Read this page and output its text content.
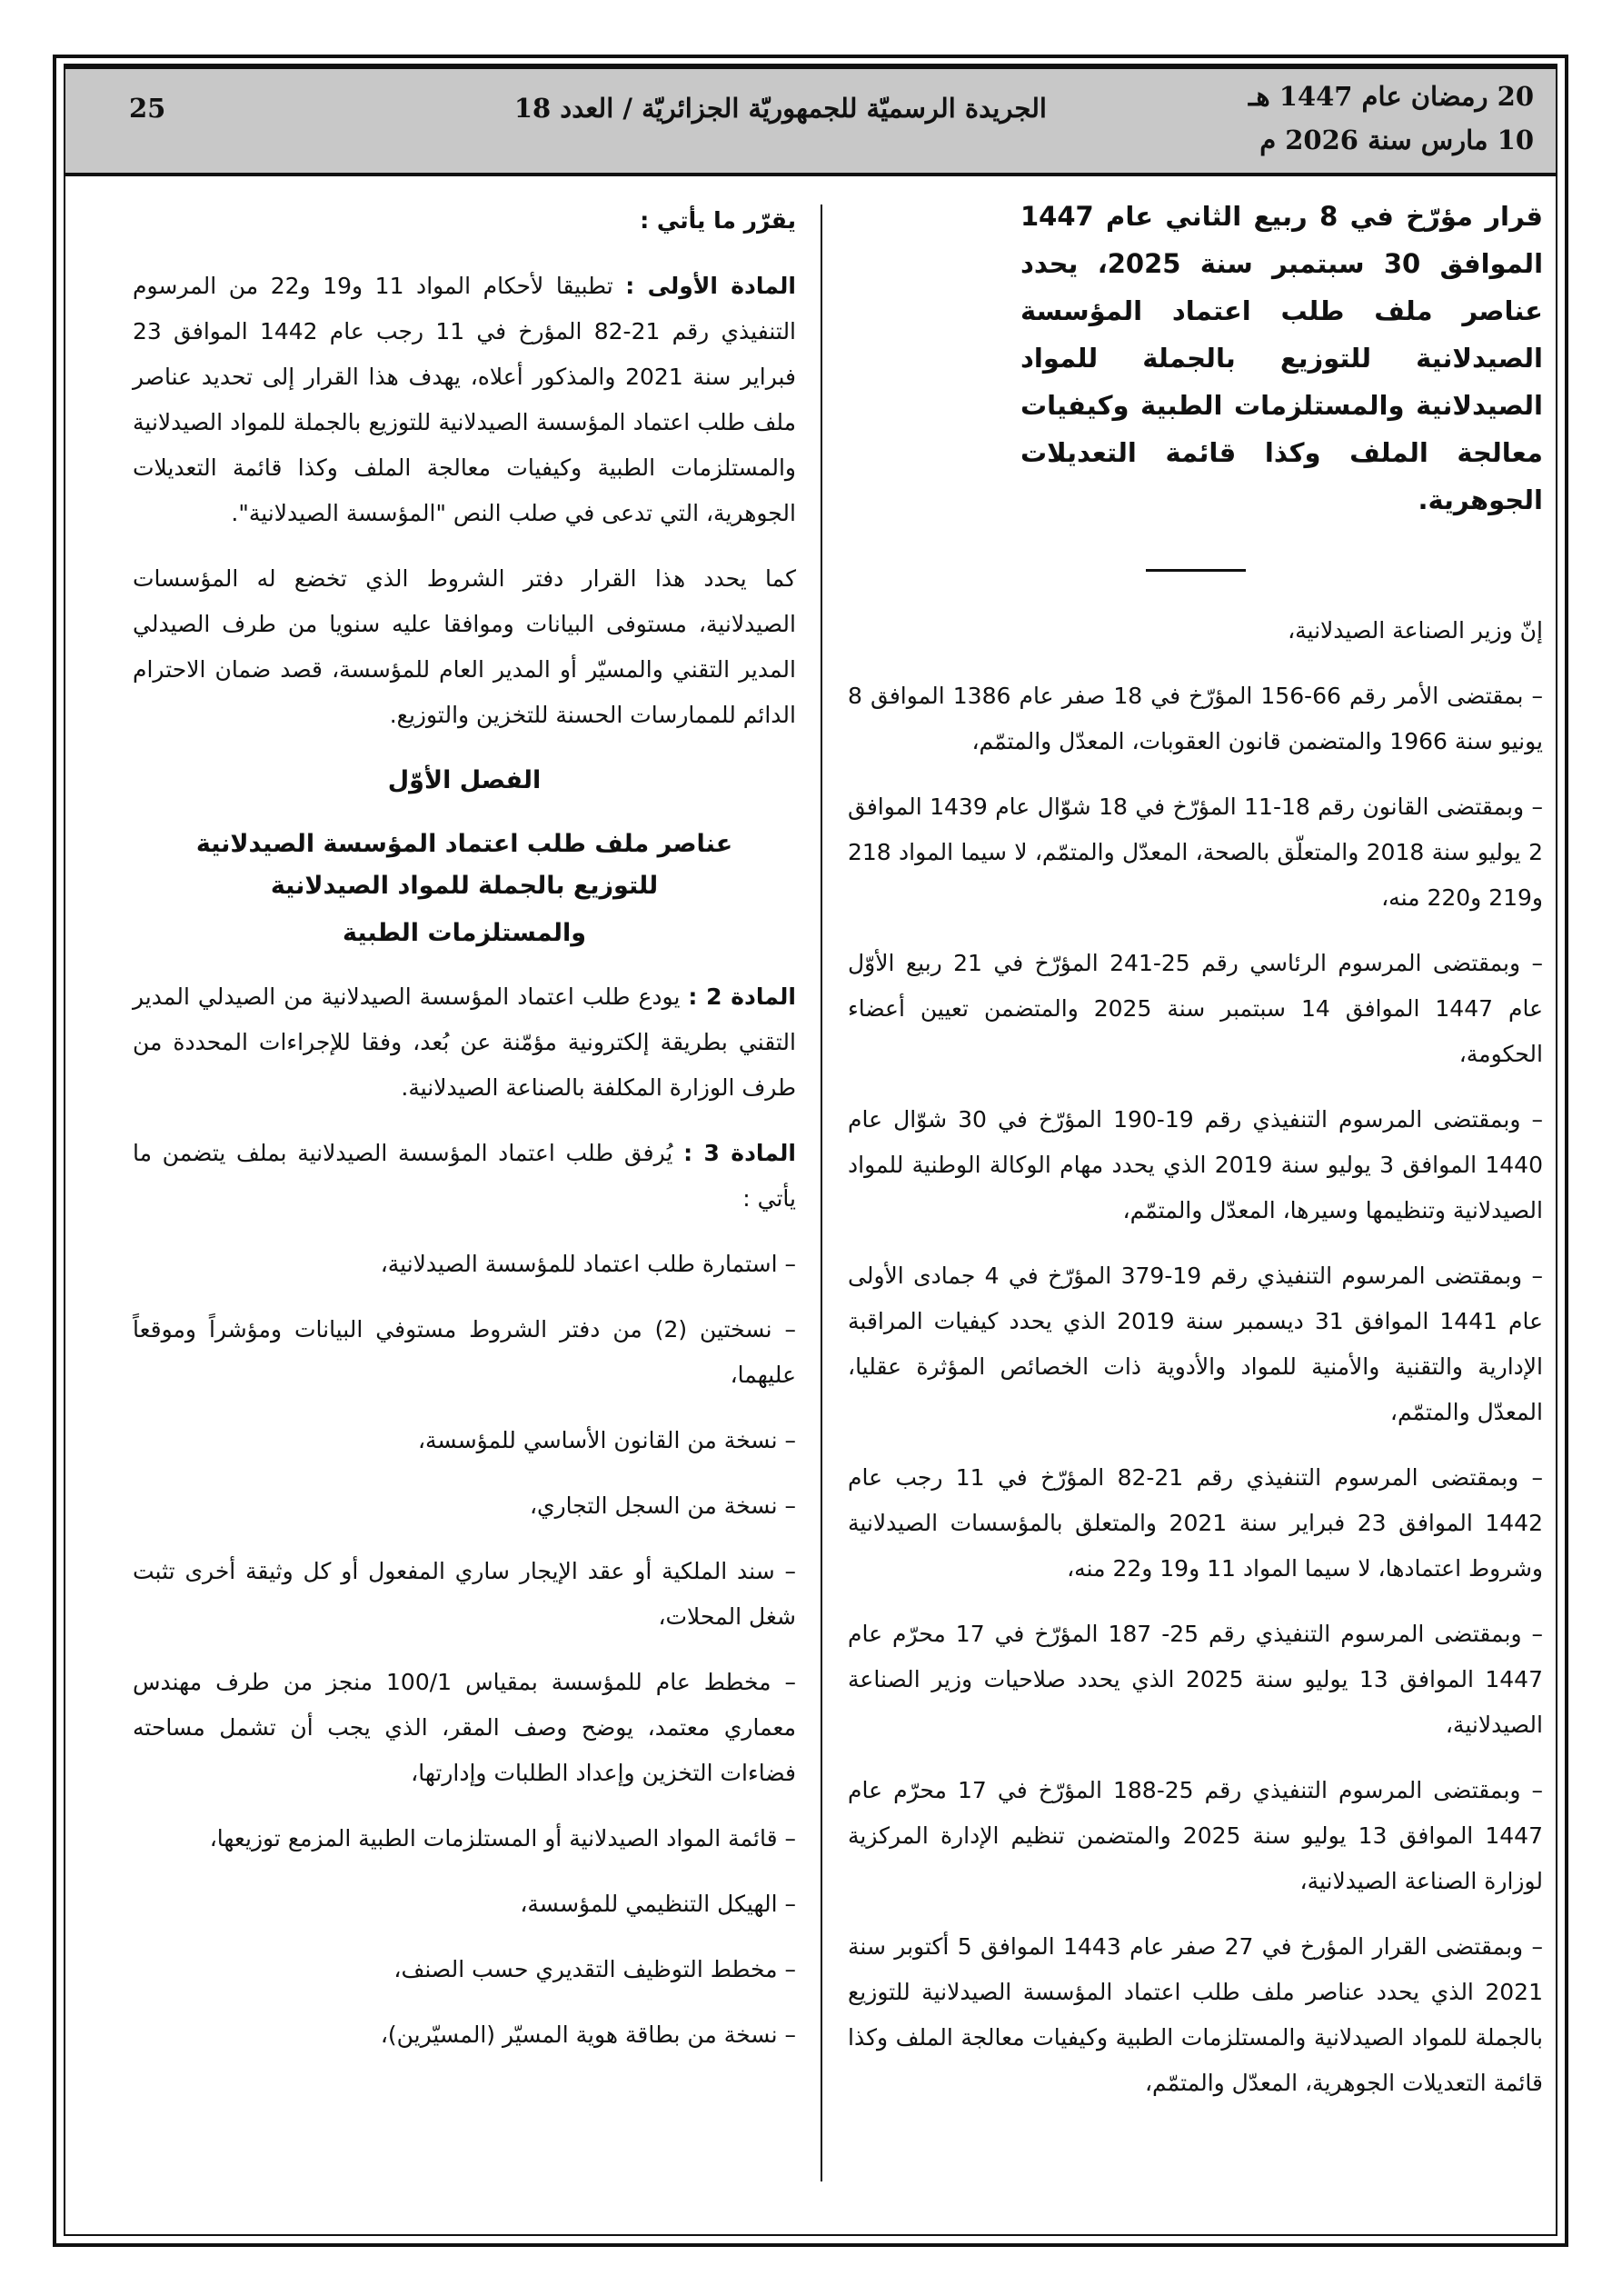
20 رمضان عام 1447 هـ
10 مارس سنة 2026 م
الجريدة الرسميّة للجمهوريّة الجزائريّة / العدد 18
25

قرار مؤرّخ في 8 ربيع الثاني عام 1447 الموافق 30 سبتمبر سنة 2025، يحدد عناصر ملف طلب اعتماد المؤسسة الصيدلانية للتوزيع بالجملة للمواد الصيدلانية والمستلزمات الطبية وكيفيات معالجة الملف وكذا قائمة التعديلات الجوهرية.

إنّ وزير الصناعة الصيدلانية،

– بمقتضى الأمر رقم 66-156 المؤرّخ في 18 صفر عام 1386 الموافق 8 يونيو سنة 1966 والمتضمن قانون العقوبات، المعدّل والمتمّم،

– وبمقتضى القانون رقم 18-11 المؤرّخ في 18 شوّال عام 1439 الموافق 2 يوليو سنة 2018 والمتعلّق بالصحة، المعدّل والمتمّم، لا سيما المواد 218 و219 و220 منه،

– وبمقتضى المرسوم الرئاسي رقم 25-241 المؤرّخ في 21 ربيع الأوّل عام 1447 الموافق 14 سبتمبر سنة 2025 والمتضمن تعيين أعضاء الحكومة،

– وبمقتضى المرسوم التنفيذي رقم 19-190 المؤرّخ في 30 شوّال عام 1440 الموافق 3 يوليو سنة 2019 الذي يحدد مهام الوكالة الوطنية للمواد الصيدلانية وتنظيمها وسيرها، المعدّل والمتمّم،

– وبمقتضى المرسوم التنفيذي رقم 19-379 المؤرّخ في 4 جمادى الأولى عام 1441 الموافق 31 ديسمبر سنة 2019 الذي يحدد كيفيات المراقبة الإدارية والتقنية والأمنية للمواد والأدوية ذات الخصائص المؤثرة عقليا، المعدّل والمتمّم،

– وبمقتضى المرسوم التنفيذي رقم 21-82 المؤرّخ في 11 رجب عام 1442 الموافق 23 فبراير سنة 2021 والمتعلق بالمؤسسات الصيدلانية وشروط اعتمادها، لا سيما المواد 11 و19 و22 منه،

– وبمقتضى المرسوم التنفيذي رقم 25- 187 المؤرّخ في 17 محرّم عام 1447 الموافق 13 يوليو سنة 2025 الذي يحدد صلاحيات وزير الصناعة الصيدلانية،

– وبمقتضى المرسوم التنفيذي رقم 25-188 المؤرّخ في 17 محرّم عام 1447 الموافق 13 يوليو سنة 2025 والمتضمن تنظيم الإدارة المركزية لوزارة الصناعة الصيدلانية،

– وبمقتضى القرار المؤرخ في 27 صفر عام 1443 الموافق 5 أكتوبر سنة 2021 الذي يحدد عناصر ملف طلب اعتماد المؤسسة الصيدلانية للتوزيع بالجملة للمواد الصيدلانية والمستلزمات الطبية وكيفيات معالجة الملف وكذا قائمة التعديلات الجوهرية، المعدّل والمتمّم،

يقرّر ما يأتي :

المادة الأولى : تطبيقا لأحكام المواد 11 و19 و22 من المرسوم التنفيذي رقم 21-82 المؤرخ في 11 رجب عام 1442 الموافق 23 فبراير سنة 2021 والمذكور أعلاه، يهدف هذا القرار إلى تحديد عناصر ملف طلب اعتماد المؤسسة الصيدلانية للتوزيع بالجملة للمواد الصيدلانية والمستلزمات الطبية وكيفيات معالجة الملف وكذا قائمة التعديلات الجوهرية، التي تدعى في صلب النص "المؤسسة الصيدلانية".

كما يحدد هذا القرار دفتر الشروط الذي تخضع له المؤسسات الصيدلانية، مستوفى البيانات وموافقا عليه سنويا من طرف الصيدلي المدير التقني والمسيّر أو المدير العام للمؤسسة، قصد ضمان الاحترام الدائم للممارسات الحسنة للتخزين والتوزيع.

الفصل الأوّل

عناصر ملف طلب اعتماد المؤسسة الصيدلانية
للتوزيع بالجملة للمواد الصيدلانية
والمستلزمات الطبية

المادة 2 : يودع طلب اعتماد المؤسسة الصيدلانية من الصيدلي المدير التقني بطريقة إلكترونية مؤمّنة عن بُعد، وفقا للإجراءات المحددة من طرف الوزارة المكلفة بالصناعة الصيدلانية.

المادة 3 : يُرفق طلب اعتماد المؤسسة الصيدلانية بملف يتضمن ما يأتي :

– استمارة طلب اعتماد للمؤسسة الصيدلانية،

– نسختين (2) من دفتر الشروط مستوفي البيانات ومؤشراً وموقعاً عليهما،

– نسخة من القانون الأساسي للمؤسسة،

– نسخة من السجل التجاري،

– سند الملكية أو عقد الإيجار ساري المفعول أو كل وثيقة أخرى تثبت شغل المحلات،

– مخطط عام للمؤسسة بمقياس 100/1 منجز من طرف مهندس معماري معتمد، يوضح وصف المقر، الذي يجب أن تشمل مساحته فضاءات التخزين وإعداد الطلبات وإدارتها،

– قائمة المواد الصيدلانية أو المستلزمات الطبية المزمع توزيعها،

– الهيكل التنظيمي للمؤسسة،

– مخطط التوظيف التقديري حسب الصنف،

– نسخة من بطاقة هوية المسيّر (المسيّرين)،
